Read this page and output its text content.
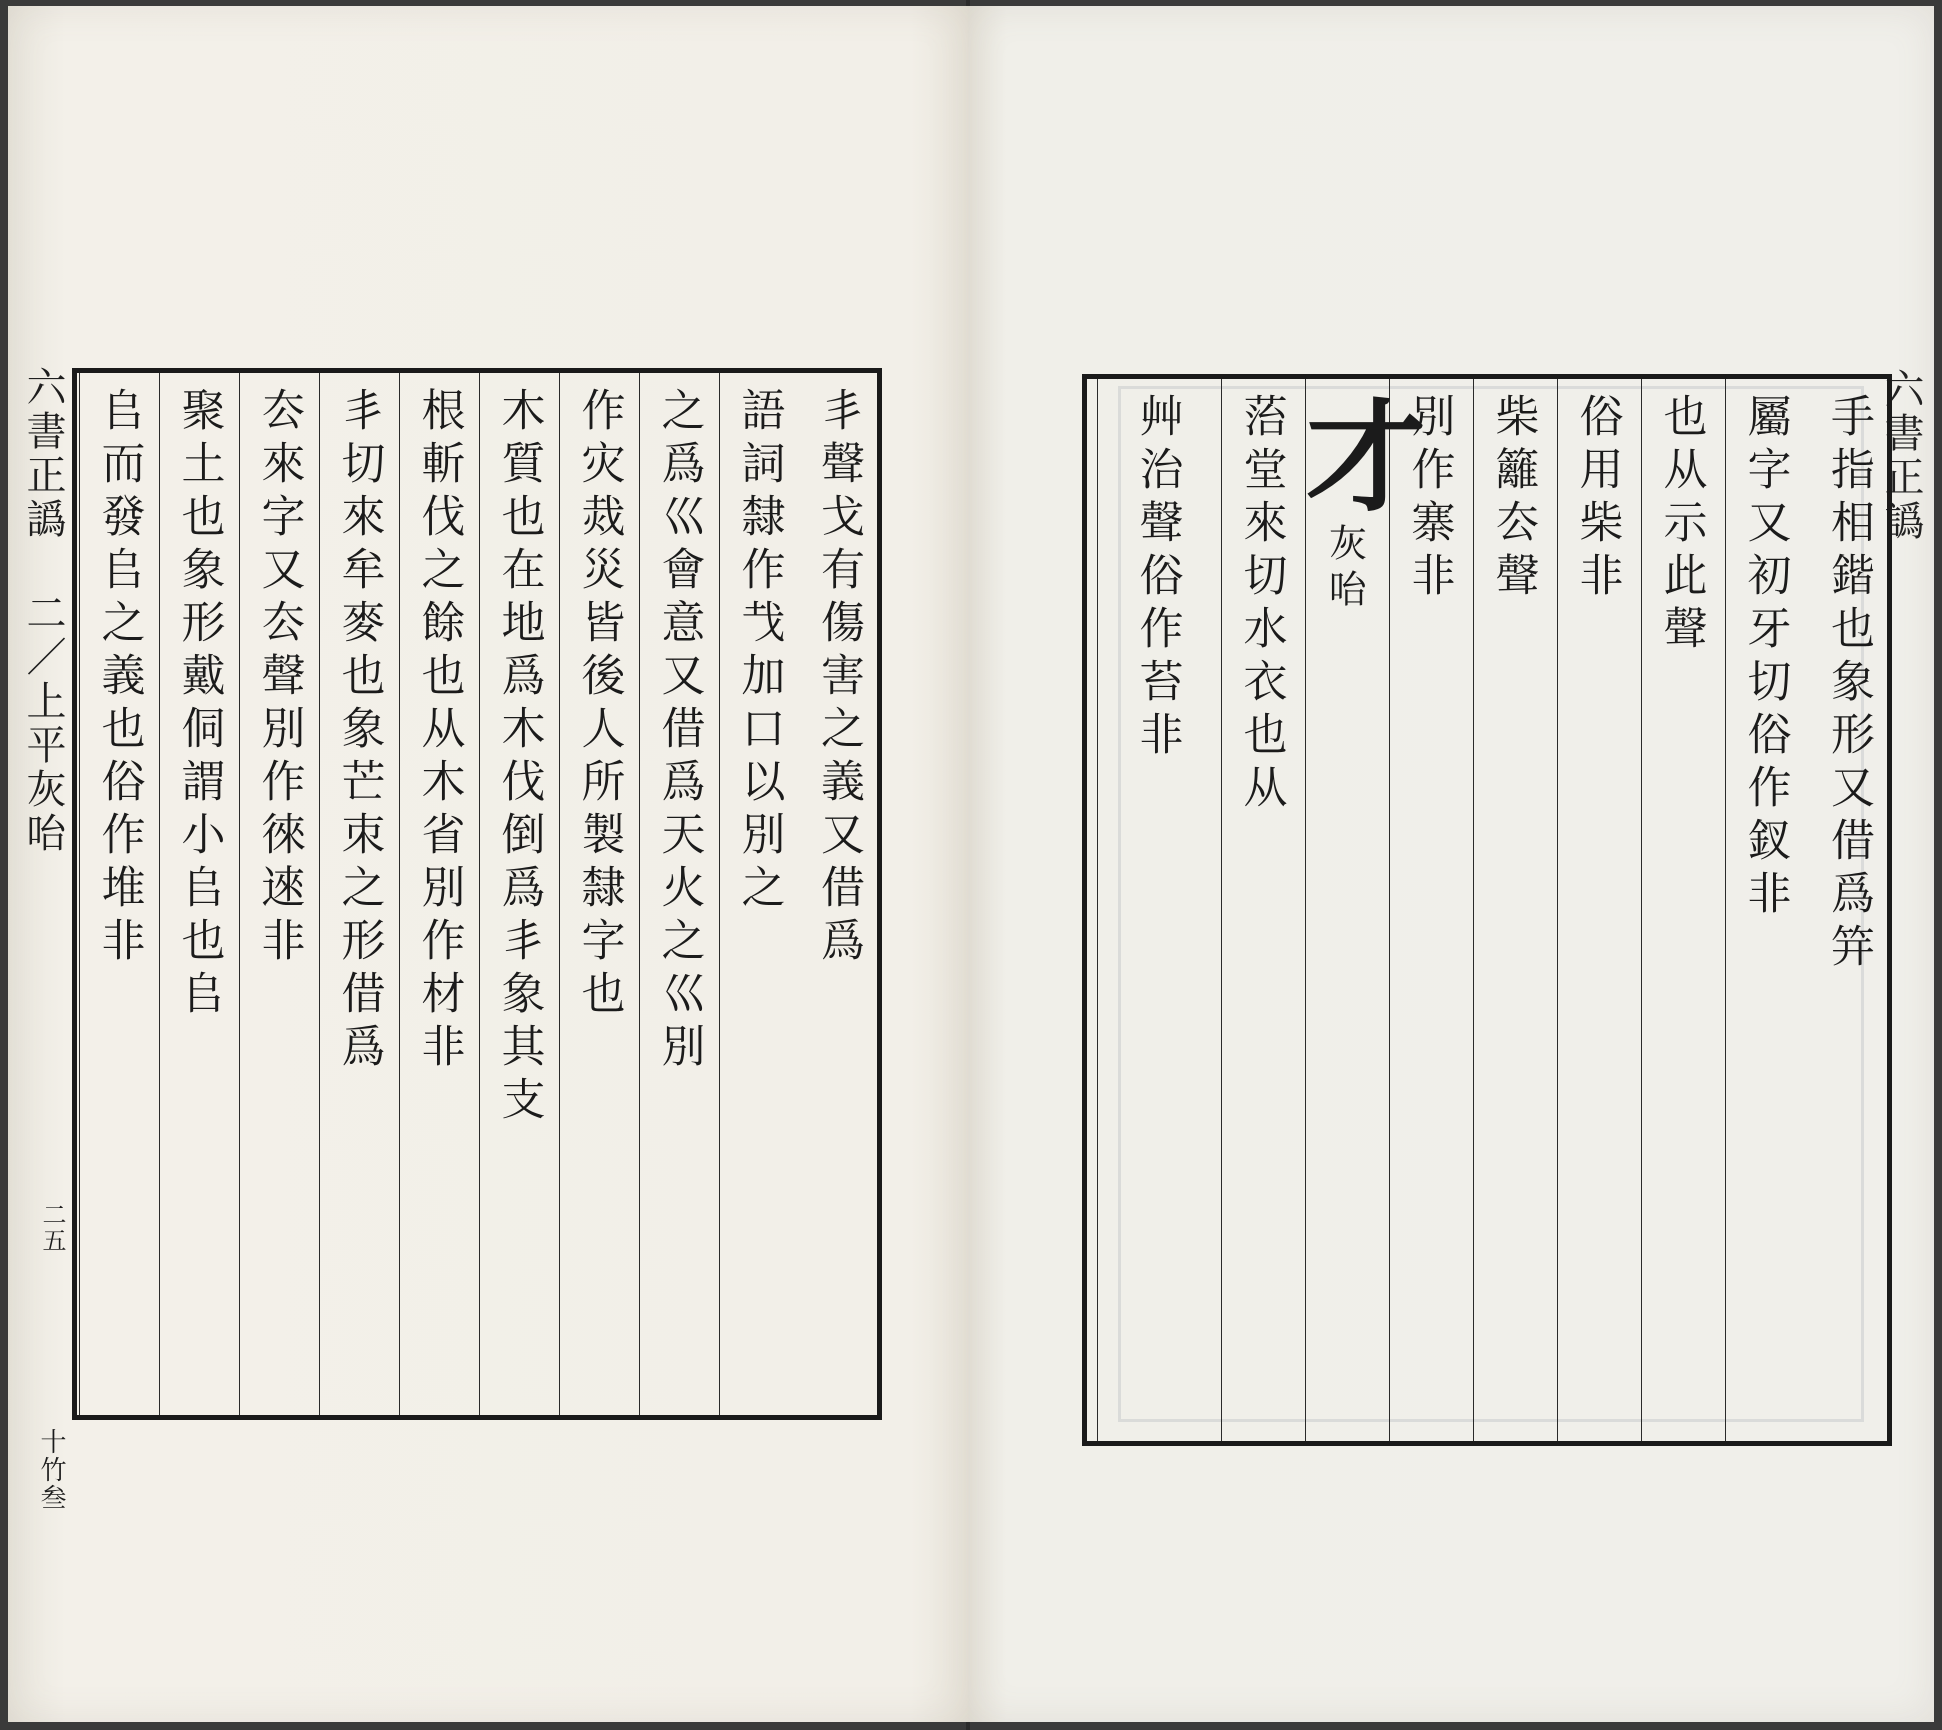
六書正譌 二／上平灰咍
二五
十竹叁
丯聲戈有傷害之義又借爲
語詞隸作𢦏加口以別之
之爲巛會意又借爲天火之巛別
作灾烖災皆後人所製隸字也
木質也在地爲木伐倒爲丯象其支
根斬伐之餘也从木省別作材非
丯切來牟麥也象芒朿之形借爲
厺來字又厺聲別作徠逨非
聚土也象形戴侗謂小𠂤也𠂤
𠂤而發𠂤之義也俗作堆非	六書正譌
手指相鍇也象形又借爲笄
屬字又初牙切俗作釵非
也从示此聲
俗用柴非
柴籬厺聲
別作寨非
才
灰咍
菭堂來切水衣也从
艸治聲俗作苔非
